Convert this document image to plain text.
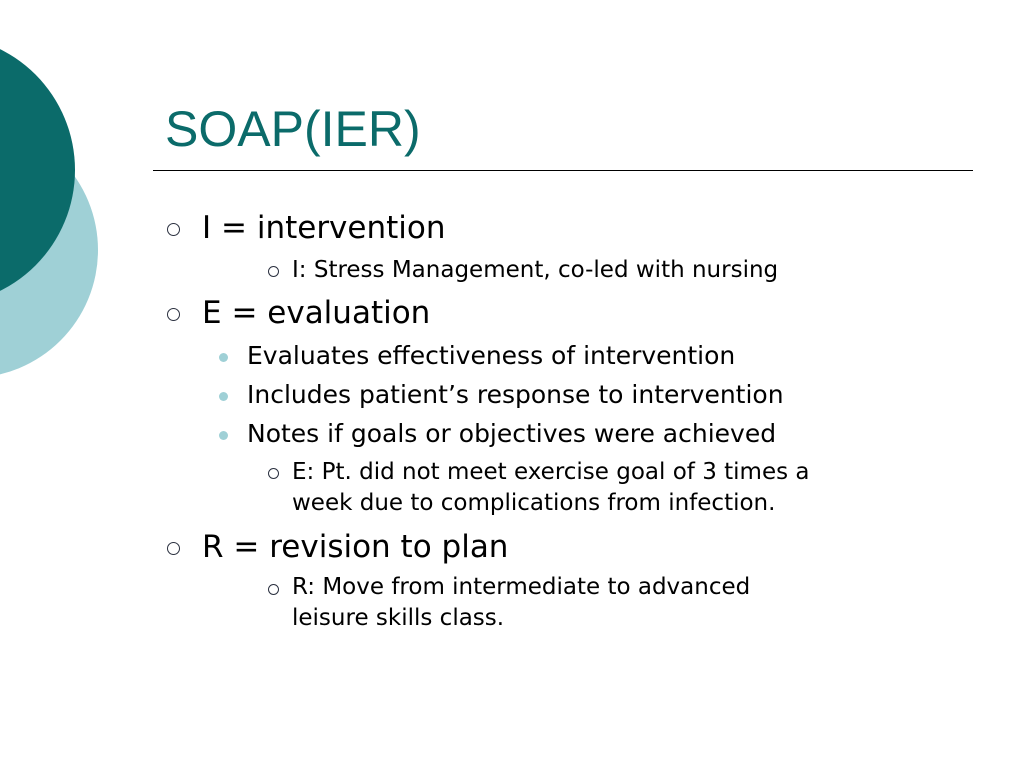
SOAP(IER)
I = intervention
I: Stress Management, co-led with nursing
E = evaluation
Evaluates effectiveness of intervention
Includes patient’s response to intervention
Notes if goals or objectives were achieved
E: Pt. did not meet exercise goal of 3 times a
week due to complications from infection.
R = revision to plan
R: Move from intermediate to advanced
leisure skills class.
